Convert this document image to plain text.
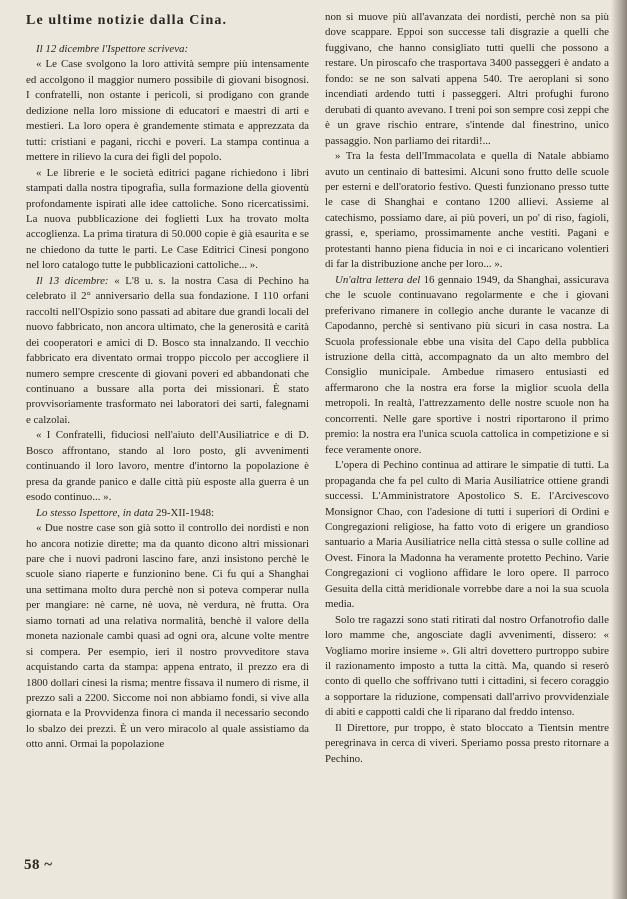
Le ultime notizie dalla Cina.

Il 12 dicembre l'Ispettore scriveva:

« Le Case svolgono la loro attività sempre più intensamente ed accolgono il maggior numero possibile di giovani bisognosi. I confratelli, non ostante i pericoli, si prodigano con grande dedizione nella loro missione di educatori e maestri di arti e mestieri. La loro opera è grandemente stimata e apprezzata da tutti: cristiani e pagani, ricchi e poveri. La stampa continua a mettere in rilievo la cura dei figli del popolo.

« Le librerie e le società editrici pagane richiedono i libri stampati dalla nostra tipografia, sulla formazione della gioventù profondamente ispirati alle idee cattoliche. Sono ricercatissimi. La nuova pubblicazione dei foglietti Lux ha trovato molta accoglienza. La prima tiratura di 50.000 copie è già esaurita e se ne chiedono da tutte le parti. Le Case Editrici Cinesi pongono nel loro catalogo tutte le pubblicazioni cattoliche... ».

Il 13 dicembre: « L'8 u. s. la nostra Casa di Pechino ha celebrato il 2° anniversario della sua fondazione. I 110 orfani raccolti nell'Ospizio sono passati ad abitare due grandi locali del nuovo fabbricato, non ancora ultimato, che la generosità e carità dei cooperatori e amici di D. Bosco sta innalzando. Il vecchio fabbricato era diventato ormai troppo piccolo per accogliere il numero sempre crescente di giovani poveri ed abbandonati che continuano a bussare alla porta dei missionari. È stato provvisoriamente trasformato nei laboratori dei sarti, falegnami e calzolai.

« I Confratelli, fiduciosi nell'aiuto dell'Ausiliatrice e di D. Bosco affrontano, stando al loro posto, gli avvenimenti continuando il loro lavoro, mentre d'intorno la popolazione è presa da grande panico e dalle città più esposte alla guerra è un esodo continuo... ».

Lo stesso Ispettore, in data 29-XII-1948:

« Due nostre case son già sotto il controllo dei nordisti e non ho ancora notizie dirette; ma da quanto dicono altri missionari pare che i nuovi padroni lascino fare, anzi insistono perchè le scuole siano riaperte e funzionino bene. Ci fu qui a Shanghai una settimana molto dura perchè non si poteva comperar nulla per mangiare: nè carne, nè uova, nè verdura, nè frutta. Ora siamo tornati ad una relativa normalità, benchè il valore della moneta nazionale cambi quasi ad ogni ora, alcune volte mentre si compera. Per esempio, ieri il nostro provveditore stava acquistando carta da stampa: appena entrato, il prezzo era di 1800 dollari cinesi la risma; mentre fissava il numero di risme, il prezzo salì a 2200. Siccome noi non abbiamo fondi, si vive alla giornata e la Provvidenza finora ci manda il necessario secondo lo sbalzo dei prezzi. È un vero miracolo al quale assistiamo da otto anni. Ormai la popolazione

non si muove più all'avanzata dei nordisti, perchè non sa più dove scappare. Eppoi son successe tali disgrazie a quelli che fuggivano, che hanno consigliato tutti quelli che possono a restare. Un piroscafo che trasportava 3400 passeggeri è andato a fondo: se ne son salvati appena 540. Tre aeroplani si sono incendiati ardendo tutti i passeggeri. Altri profughi furono derubati di quanto avevano. I treni poi son sempre così zeppi che è un grave rischio entrare, s'intende dal finestrino, unico passaggio. Non parliamo dei ritardi!...

» Tra la festa dell'Immacolata e quella di Natale abbiamo avuto un centinaio di battesimi. Alcuni sono frutto delle scuole per esterni e dell'oratorio festivo. Questi funzionano presso tutte le case di Shanghai e contano 1200 allievi. Assieme al catechismo, possiamo dare, ai più poveri, un po' di riso, fagioli, grassi, e, speriamo, prossimamente anche vestiti. Pagani e protestanti hanno piena fiducia in noi e ci incaricano volentieri di far la distribuzione anche per loro... ».

Un'altra lettera del 16 gennaio 1949, da Shanghai, assicurava che le scuole continuavano regolarmente e che i giovani preferivano rimanere in collegio anche durante le vacanze di Capodanno, perchè si sentivano più sicuri in casa nostra. La Scuola professionale ebbe una visita del Capo della pubblica istruzione della città, accompagnato da un alto membro del Consiglio municipale. Ambedue rimasero entusiasti ed affermarono che la nostra era forse la miglior scuola della metropoli. In realtà, l'attrezzamento delle nostre scuole non ha concorrenti. Nelle gare sportive i nostri riportarono il primo premio: la nostra era l'unica scuola cattolica in competizione e si fece veramente onore.

L'opera di Pechino continua ad attirare le simpatie di tutti. La propaganda che fa pel culto di Maria Ausiliatrice ottiene grandi successi. L'Amministratore Apostolico S. E. l'Arcivescovo Monsignor Chao, con l'adesione di tutti i superiori di Ordini e Congregazioni religiose, ha fatto voto di erigere un grandioso santuario a Maria Ausiliatrice nella città stessa o sulle colline ad Ovest. Finora la Madonna ha veramente protetto Pechino. Varie Congregazioni ci vogliono affidare le loro opere. Il parroco Gesuita della città meridionale vorrebbe dare a noi la sua scuola media.

Solo tre ragazzi sono stati ritirati dal nostro Orfanotrofio dalle loro mamme che, angosciate dagli avvenimenti, dissero: « Vogliamo morire insieme ». Gli altri dovettero purtroppo subire il razionamento imposto a tutta la città. Ma, quando si reserò conto di quello che soffrivano tutti i cittadini, si fecero coraggio a sopportare la riduzione, compensati dall'arrivo provvidenziale di abiti e cappotti caldi che li riparano dal freddo intenso.

Il Direttore, pur troppo, è stato bloccato a Tientsin mentre peregrinava in cerca di viveri. Speriamo possa presto ritornare a Pechino.

58 ~
